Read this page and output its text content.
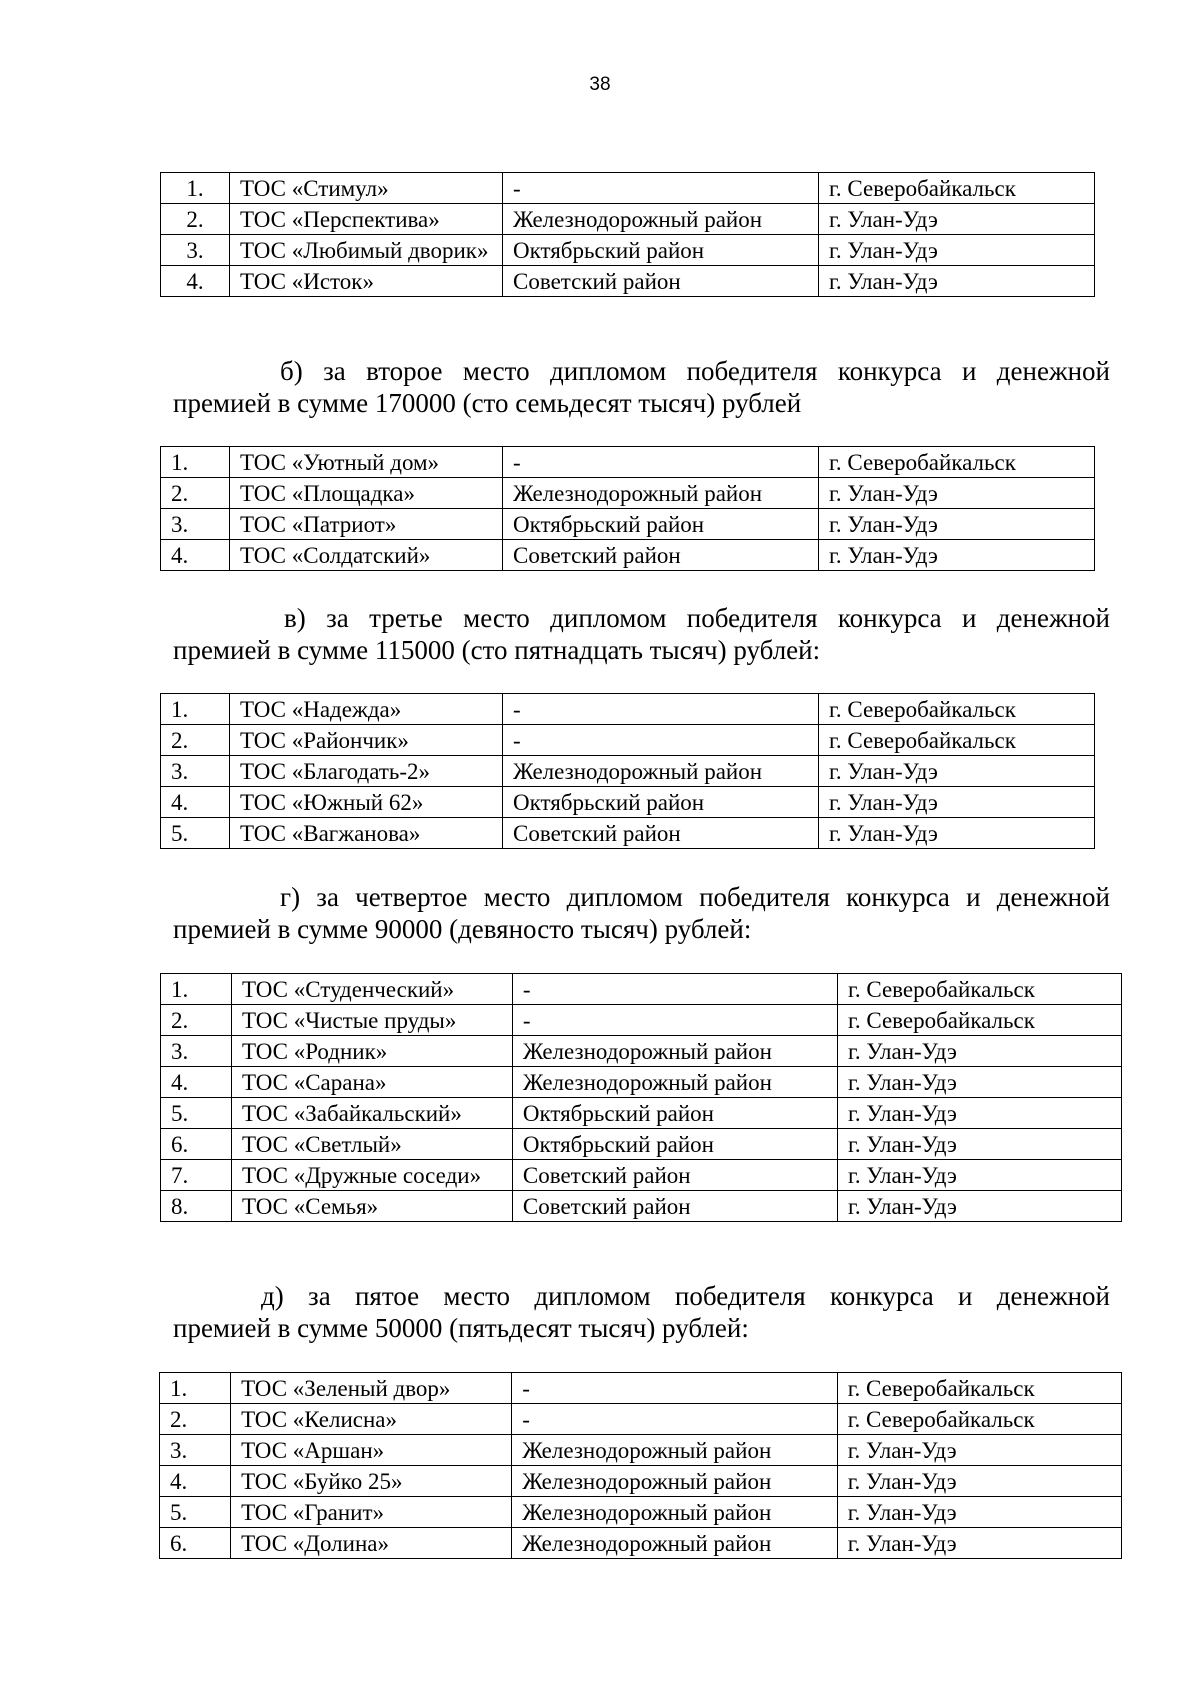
38
1.	ТОС «Стимул»	-	г. Северобайкальск
2.	ТОС «Перспектива»	Железнодорожный район	г. Улан-Удэ
3.	ТОС «Любимый дворик»	Октябрьский район	г. Улан-Удэ
4.	ТОС «Исток»	Советский район	г. Улан-Удэ

б) за второе место дипломом победителя конкурса и денежной
премией в сумме 170000 (сто семьдесят тысяч) рублей

1.	ТОС «Уютный дом»	-	г. Северобайкальск
2.	ТОС «Площадка»	Железнодорожный район	г. Улан-Удэ
3.	ТОС «Патриот»	Октябрьский район	г. Улан-Удэ
4.	ТОС «Солдатский»	Советский район	г. Улан-Удэ

в) за третье место дипломом победителя конкурса и денежной
премией в сумме 115000 (сто пятнадцать тысяч) рублей:

1.	ТОС «Надежда»	-	г. Северобайкальск
2.	ТОС «Райончик»	-	г. Северобайкальск
3.	ТОС «Благодать-2»	Железнодорожный район	г. Улан-Удэ
4.	ТОС «Южный 62»	Октябрьский район	г. Улан-Удэ
5.	ТОС «Вагжанова»	Советский район	г. Улан-Удэ

г) за четвертое место дипломом победителя конкурса и денежной
премией в сумме 90000 (девяносто тысяч) рублей:

1.	ТОС «Студенческий»	-	г. Северобайкальск
2.	ТОС «Чистые пруды»	-	г. Северобайкальск
3.	ТОС «Родник»	Железнодорожный район	г. Улан-Удэ
4.	ТОС «Сарана»	Железнодорожный район	г. Улан-Удэ
5.	ТОС «Забайкальский»	Октябрьский район	г. Улан-Удэ
6.	ТОС «Светлый»	Октябрьский район	г. Улан-Удэ
7.	ТОС «Дружные соседи»	Советский район	г. Улан-Удэ
8.	ТОС «Семья»	Советский район	г. Улан-Удэ

д) за пятое место дипломом победителя конкурса и денежной
премией в сумме 50000 (пятьдесят тысяч) рублей:

1.	ТОС «Зеленый двор»	-	г. Северобайкальск
2.	ТОС «Келисна»	-	г. Северобайкальск
3.	ТОС «Аршан»	Железнодорожный район	г. Улан-Удэ
4.	ТОС «Буйко 25»	Железнодорожный район	г. Улан-Удэ
5.	ТОС «Гранит»	Железнодорожный район	г. Улан-Удэ
6.	ТОС «Долина»	Железнодорожный район	г. Улан-Удэ
